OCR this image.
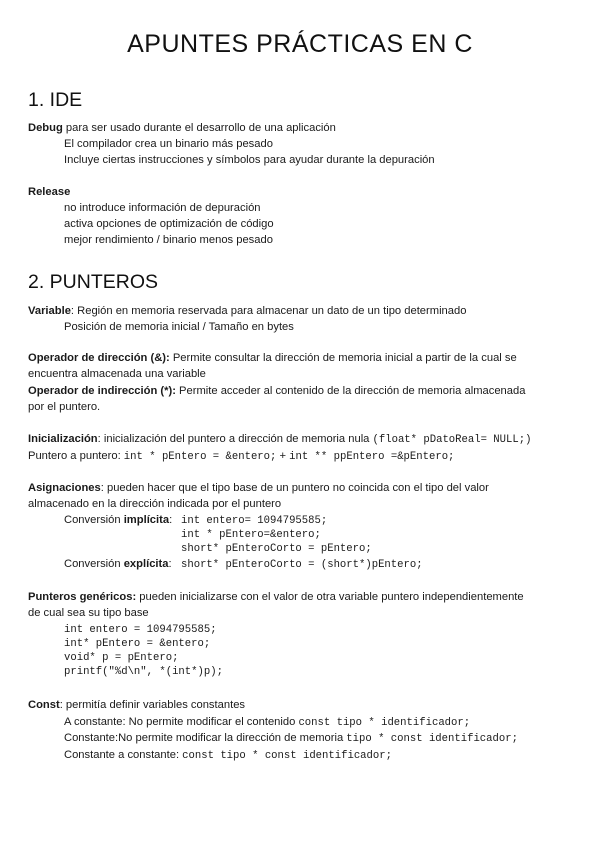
APUNTES PRÁCTICAS EN C
1. IDE
Debug para ser usado durante el desarrollo de una aplicación
El compilador crea un binario más pesado
Incluye ciertas instrucciones y símbolos para ayudar durante la depuración
Release
no introduce información de depuración
activa opciones de optimización de código
mejor rendimiento / binario menos pesado
2. PUNTEROS
Variable: Región en memoria reservada para almacenar un dato de un tipo determinado
Posición de memoria inicial / Tamaño en bytes
Operador de dirección (&): Permite consultar la dirección de memoria inicial a partir de la cual se
encuentra almacenada una variable
Operador de indirección (*): Permite acceder al contenido de la dirección de memoria almacenada
por el puntero.
Inicialización: inicialización del puntero a dirección de memoria nula (float* pDatoReal= NULL;)
Puntero a puntero: int * pEntero = &entero; + int ** ppEntero =&pEntero;
Asignaciones: pueden hacer que el tipo base de un puntero no coincida con el tipo del valor
almacenado en la dirección indicada por el puntero
Conversión implícita: int entero= 1094795585;
int * pEntero=&entero;
short* pEnteroCorto = pEntero;
Conversión explícita: short* pEnteroCorto = (short*)pEntero;
Punteros genéricos: pueden inicializarse con el valor de otra variable puntero independientemente
de cual sea su tipo base
int entero = 1094795585;
int* pEntero = &entero;
void* p = pEntero;
printf("%d\n", *(int*)p);
Const: permitía definir variables constantes
A constante: No permite modificar el contenido const tipo * identificador;
Constante:No permite modificar la dirección de memoria tipo * const identificador;
Constante a constante: const tipo * const identificador;
